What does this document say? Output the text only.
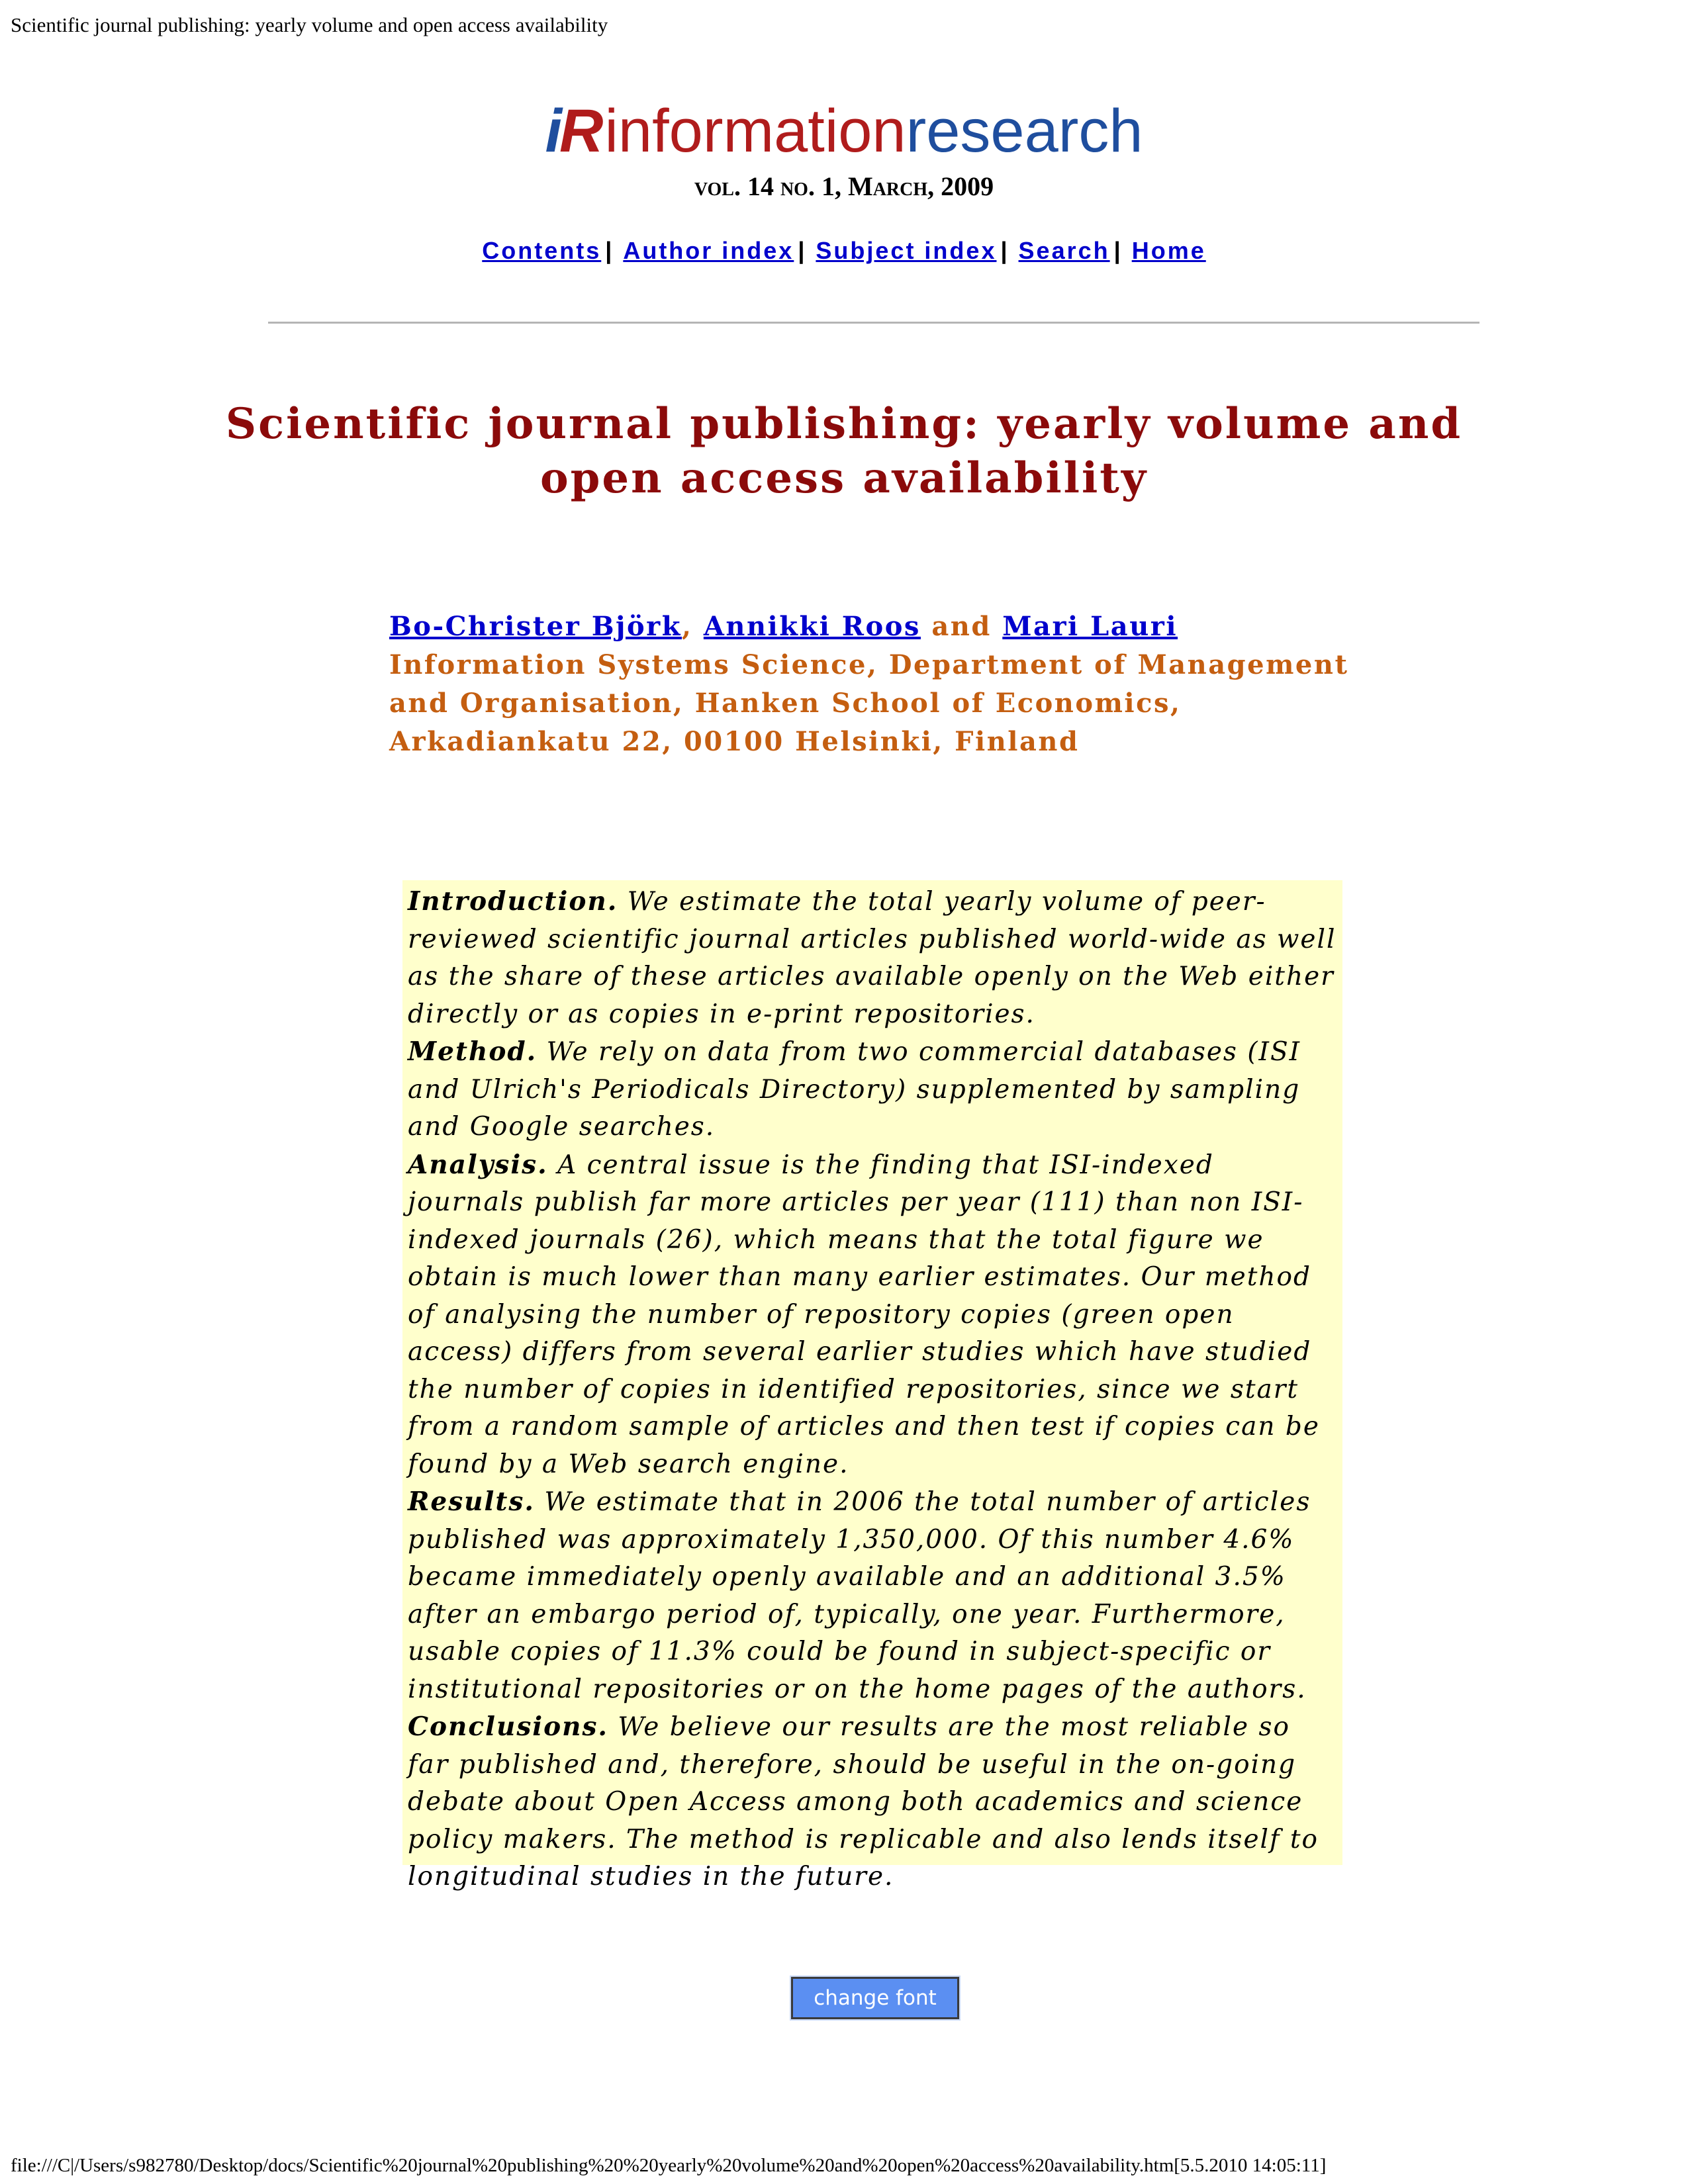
Scientific journal publishing: yearly volume and open access availability
iRinformationresearch
vol. 14 no. 1, March, 2009
Contents | Author index | Subject index | Search | Home
Scientific journal publishing: yearly volume and
open access availability
Bo-Christer Björk, Annikki Roos and Mari Lauri
Information Systems Science, Department of Management and Organisation, Hanken School of Economics, Arkadiankatu 22, 00100 Helsinki, Finland
Introduction. We estimate the total yearly volume of peer-reviewed scientific journal articles published world-wide as well as the share of these articles available openly on the Web either directly or as copies in e-print repositories.
Method. We rely on data from two commercial databases (ISI and Ulrich's Periodicals Directory) supplemented by sampling and Google searches.
Analysis. A central issue is the finding that ISI-indexed journals publish far more articles per year (111) than non ISI-indexed journals (26), which means that the total figure we obtain is much lower than many earlier estimates. Our method of analysing the number of repository copies (green open access) differs from several earlier studies which have studied the number of copies in identified repositories, since we start from a random sample of articles and then test if copies can be found by a Web search engine.
Results. We estimate that in 2006 the total number of articles published was approximately 1,350,000. Of this number 4.6% became immediately openly available and an additional 3.5% after an embargo period of, typically, one year. Furthermore, usable copies of 11.3% could be found in subject-specific or institutional repositories or on the home pages of the authors.
Conclusions. We believe our results are the most reliable so far published and, therefore, should be useful in the on-going debate about Open Access among both academics and science policy makers. The method is replicable and also lends itself to longitudinal studies in the future.
change font
file:///C|/Users/s982780/Desktop/docs/Scientific%20journal%20publishing%20%20yearly%20volume%20and%20open%20access%20availability.htm[5.5.2010 14:05:11]
